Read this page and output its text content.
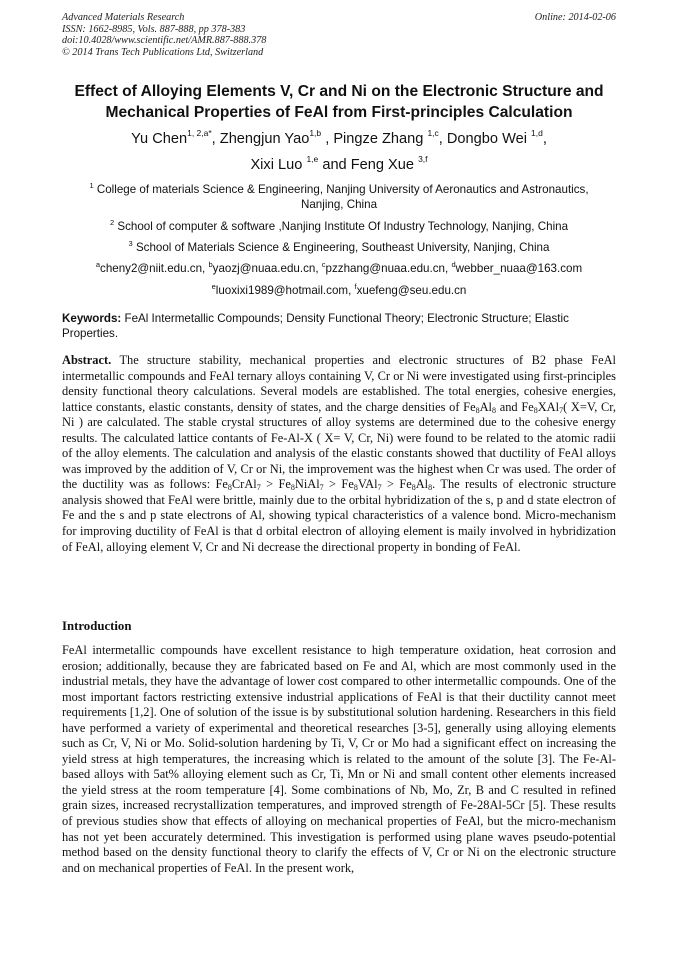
Advanced Materials Research
ISSN: 1662-8985, Vols. 887-888, pp 378-383
doi:10.4028/www.scientific.net/AMR.887-888.378
© 2014 Trans Tech Publications Ltd, Switzerland
Online: 2014-02-06
Effect of Alloying Elements V, Cr and Ni on the Electronic Structure and
Mechanical Properties of FeAl from First-principles Calculation
Yu Chen$^{1, 2,a*}$, Zhengjun Yao$^{1,b}$ , Pingze Zhang $^{1,c}$, Dongbo Wei $^{1,d}$,
Xixi Luo $^{1,e}$ and Feng Xue $^{3,f}$
$^1$ College of materials Science & Engineering, Nanjing University of Aeronautics and Astronautics,
Nanjing, China
$^2$ School of computer & software ,Nanjing Institute Of Industry Technology, Nanjing, China
$^3$ School of Materials Science & Engineering, Southeast University, Nanjing, China
$^a$cheny2@niit.edu.cn, $^b$yaozj@nuaa.edu.cn, $^c$pzzhang@nuaa.edu.cn, $^d$webber_nuaa@163.com
$^e$luoxixi1989@hotmail.com, $^f$xuefeng@seu.edu.cn
Keywords: FeAl Intermetallic Compounds; Density Functional Theory; Electronic Structure; Elastic Properties.
Abstract. The structure stability, mechanical properties and electronic structures of B2 phase FeAl intermetallic compounds and FeAl ternary alloys containing V, Cr or Ni were investigated using first-principles density functional theory calculations. Several models are established. The total energies, cohesive energies, lattice constants, elastic constants, density of states, and the charge densities of $Fe_8Al_8$ and $Fe_8XAl_7$( X=V, Cr, Ni ) are calculated. The stable crystal structures of alloy systems are determined due to the cohesive energy results. The calculated lattice contants of Fe-Al-X ( X= V, Cr, Ni) were found to be related to the atomic radii of the alloy elements. The calculation and analysis of the elastic constants showed that ductility of FeAl alloys was improved by the addition of V, Cr or Ni, the improvement was the highest when Cr was used. The order of the ductility was as follows: $Fe_8CrAl_7$ > $Fe_8NiAl_7 > Fe_8VAl_7 > Fe_8Al_8$. The results of electronic structure analysis showed that FeAl were brittle, mainly due to the orbital hybridization of the s, p and d state electron of Fe and the s and p state electrons of Al, showing typical characteristics of a valence bond. Micro-mechanism for improving ductility of FeAl is that d orbital electron of alloying element is maily involved in hybridization of FeAl, alloying element V, Cr and Ni decrease the directional property in bonding of FeAl.
Introduction
FeAl intermetallic compounds have excellent resistance to high temperature oxidation, heat corrosion and erosion; additionally, because they are fabricated based on Fe and Al, which are most commonly used in the industrial metals, they have the advantage of lower cost compared to other intermetallic compounds. One of the most important factors restricting extensive industrial applications of FeAl is that their ductility cannot meet requirements [1,2]. One of solution of the issue is by substitutional solution hardening. Researchers in this field have performed a variety of experimental and theoretical researches [3-5], generally using alloying elements such as Cr, V, Ni or Mo. Solid-solution hardening by Ti, V, Cr or Mo had a significant effect on increasing the yield stress at high temperatures, the increasing which is related to the amount of the solute [3]. The Fe-Al-based alloys with 5at% alloying element such as Cr, Ti, Mn or Ni and small content other elements increased the yield stress at the room temperature [4]. Some combinations of Nb, Mo, Zr, B and C resulted in refined grain sizes, increased recrystallization temperatures, and improved strength of Fe-28Al-5Cr [5]. These results of previous studies show that effects of alloying on mechanical properties of FeAl, but the micro-mechanism has not yet been accurately determined. This investigation is performed using plane waves pseudo-potential method based on the density functional theory to clarify the effects of V, Cr or Ni on the electronic structure and on mechanical properties of FeAl. In the present work,
